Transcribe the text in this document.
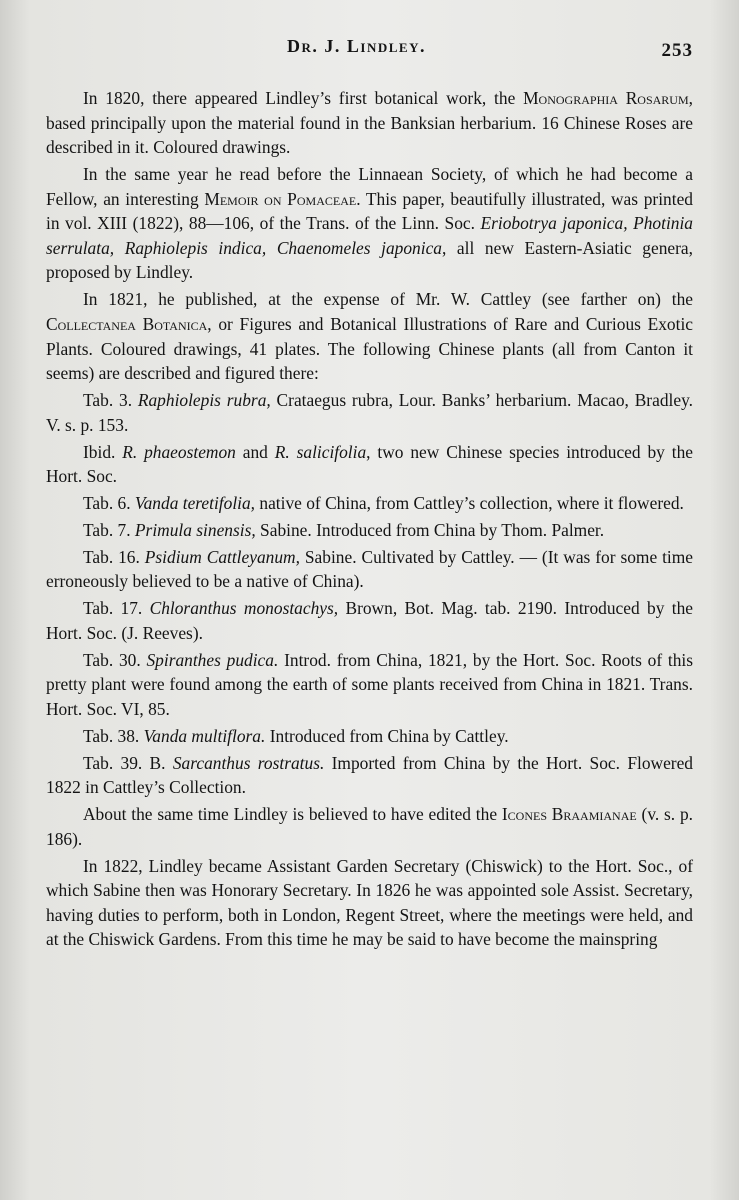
Dr. J. Lindley.	253

In 1820, there appeared Lindley’s first botanical work, the Monographia Rosarum, based principally upon the material found in the Banksian herbarium. 16 Chinese Roses are described in it. Coloured drawings.

In the same year he read before the Linnaean Society, of which he had become a Fellow, an interesting Memoir on Pomaceae. This paper, beautifully illustrated, was printed in vol. XIII (1822), 88—106, of the Trans. of the Linn. Soc. Eriobotrya japonica, Photinia serrulata, Raphiolepis indica, Chaenomeles japonica, all new Eastern-Asiatic genera, proposed by Lindley.

In 1821, he published, at the expense of Mr. W. Cattley (see farther on) the Collectanea Botanica, or Figures and Botanical Illustrations of Rare and Curious Exotic Plants. Coloured drawings, 41 plates. The following Chinese plants (all from Canton it seems) are described and figured there:

Tab. 3. Raphiolepis rubra, Crataegus rubra, Lour. Banks’ herbarium. Macao, Bradley. V. s. p. 153.

Ibid. R. phaeostemon and R. salicifolia, two new Chinese species introduced by the Hort. Soc.

Tab. 6. Vanda teretifolia, native of China, from Cattley’s collection, where it flowered.

Tab. 7. Primula sinensis, Sabine. Introduced from China by Thom. Palmer.

Tab. 16. Psidium Cattleyanum, Sabine. Cultivated by Cattley. — (It was for some time erroneously believed to be a native of China).

Tab. 17. Chloranthus monostachys, Brown, Bot. Mag. tab. 2190. Introduced by the Hort. Soc. (J. Reeves).

Tab. 30. Spiranthes pudica. Introd. from China, 1821, by the Hort. Soc. Roots of this pretty plant were found among the earth of some plants received from China in 1821. Trans. Hort. Soc. VI, 85.

Tab. 38. Vanda multiflora. Introduced from China by Cattley.

Tab. 39. B. Sarcanthus rostratus. Imported from China by the Hort. Soc. Flowered 1822 in Cattley’s Collection.

About the same time Lindley is believed to have edited the Icones Braamianae (v. s. p. 186).

In 1822, Lindley became Assistant Garden Secretary (Chiswick) to the Hort. Soc., of which Sabine then was Honorary Secretary. In 1826 he was appointed sole Assist. Secretary, having duties to perform, both in London, Regent Street, where the meetings were held, and at the Chiswick Gardens. From this time he may be said to have become the mainspring
